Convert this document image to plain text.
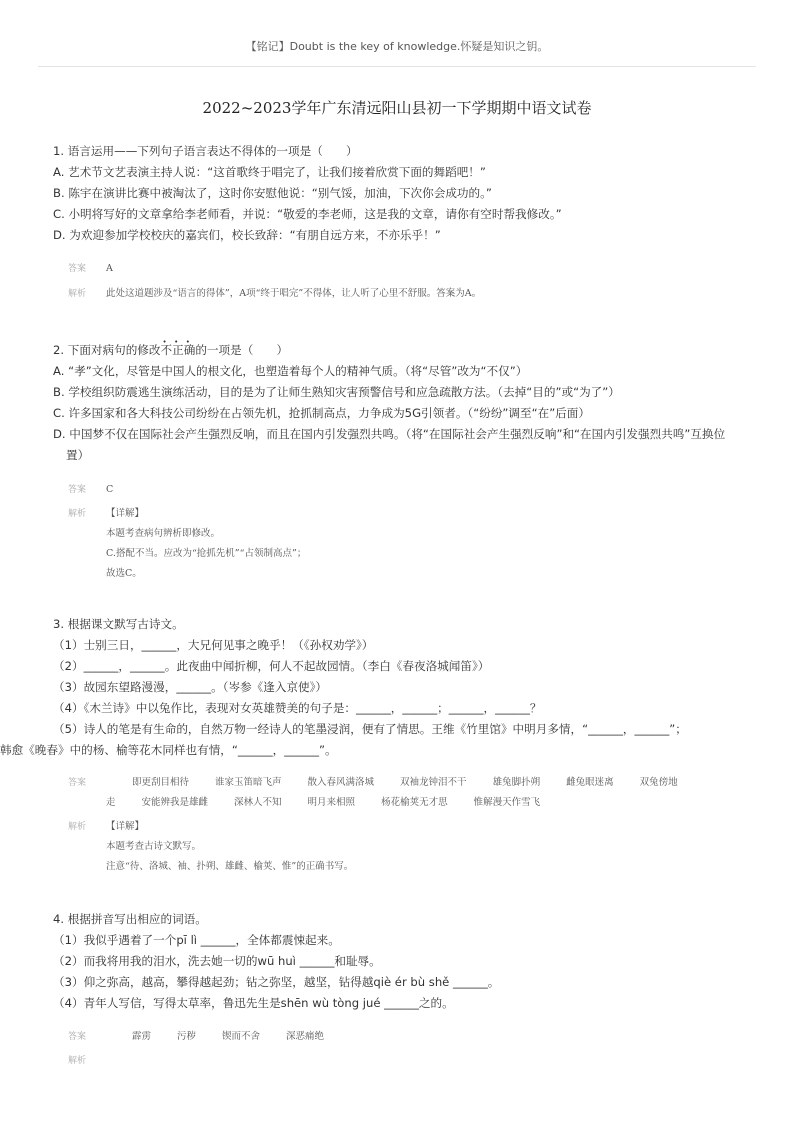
【铭记】Doubt is the key of knowledge.怀疑是知识之钥。
2022~2023学年广东清远阳山县初一下学期期中语文试卷
1. 语言运用——下列句子语言表达不得体的一项是（　　）
A. 艺术节文艺表演主持人说：“这首歌终于唱完了，让我们接着欣赏下面的舞蹈吧！”
B. 陈宇在演讲比赛中被淘汰了，这时你安慰他说：“别气馁，加油，下次你会成功的。”
C. 小明将写好的文章拿给李老师看，并说：“敬爱的李老师，这是我的文章，请你有空时帮我修改。”
D. 为欢迎参加学校校庆的嘉宾们，校长致辞：“有朋自远方来，不亦乐乎！”
答案	A
解析	此处这道题涉及“语言的得体”，A项“终于唱完”不得体，让人听了心里不舒服。答案为A。
2. 下面对病句的修改不正确的一项是（　　）
A. “孝”文化，尽管是中国人的根文化，也塑造着每个人的精神气质。（将“尽管”改为“不仅”）
B. 学校组织防震逃生演练活动，目的是为了让师生熟知灾害预警信号和应急疏散方法。（去掉“目的”或“为了”）
C. 许多国家和各大科技公司纷纷在占领先机，抢抓制高点，力争成为5G引领者。（“纷纷”调至“在”后面）
D. 中国梦不仅在国际社会产生强烈反响，而且在国内引发强烈共鸣。（将“在国际社会产生强烈反响”和“在国内引发强烈共鸣”互换位置）
答案	C
解析	【详解】
本题考查病句辨析即修改。
C.搭配不当。应改为“抢抓先机”“占领制高点”；
故选C。
3. 根据课文默写古诗文。
（1）士别三日，______，大兄何见事之晚乎！（《孙权劝学》）
（2）______，______。此夜曲中闻折柳，何人不起故园情。（李白《春夜洛城闻笛》）
（3）故园东望路漫漫，______。（岑参《逢入京使》）
（4）《木兰诗》中以兔作比，表现对女英雄赞美的句子是：______，______；______，______？
（5）诗人的笔是有生命的，自然万物一经诗人的笔墨浸润，便有了情思。王维《竹里馆》中明月多情，“______，______”；
韩愈《晚春》中的杨、榆等花木同样也有情，“______，______”。
答案	即更刮目相待	谁家玉笛暗飞声	散入春风满洛城	双袖龙钟泪不干	雄兔脚扑朔	雌兔眼迷离	双兔傍地
走	安能辨我是雄雌	深林人不知	明月来相照	杨花榆荚无才思	惟解漫天作雪飞
解析	【详解】
本题考查古诗文默写。
注意“待、洛城、袖、扑朔、雄雌、榆荚、惟”的正确书写。
4. 根据拼音写出相应的词语。
（1）我似乎遇着了一个pī lì ______，全体都震悚起来。
（2）而我将用我的泪水，洗去她一切的wū huì ______和耻辱。
（3）仰之弥高，越高，攀得越起劲；钻之弥坚，越坚，钻得越qiè ér bù shě ______。
（4）青年人写信，写得太草率，鲁迅先生是shēn wù tòng jué ______之的。
答案	霹雳	污秽	锲而不舍	深恶痛绝
解析
